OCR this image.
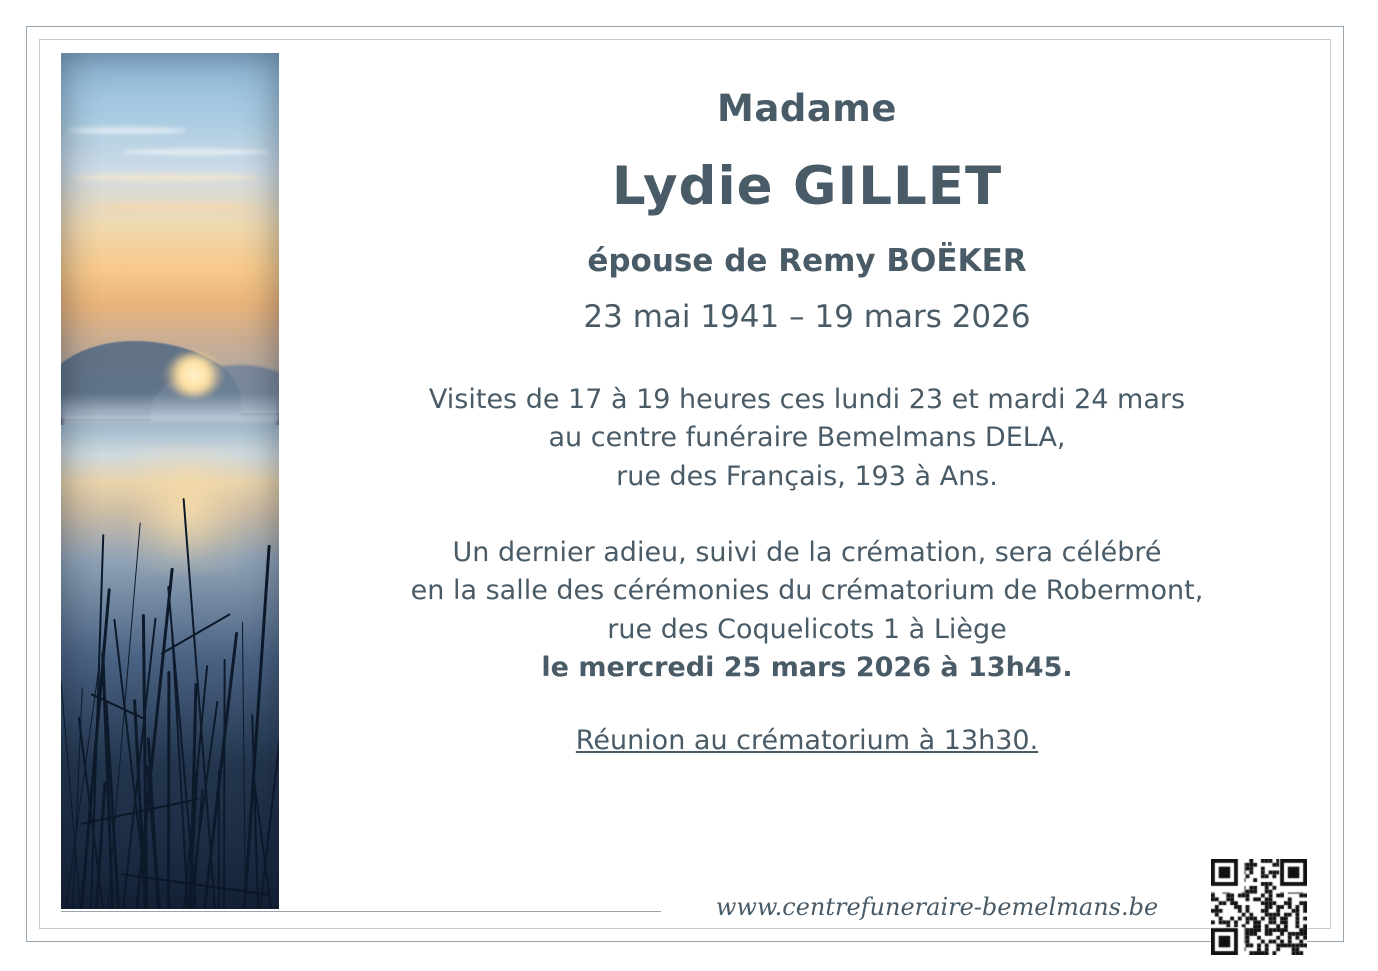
Madame
Lydie GILLET
épouse de Remy BOËKER
23 mai 1941 – 19 mars 2026
Visites de 17 à 19 heures ces lundi 23 et mardi 24 mars
au centre funéraire Bemelmans DELA,
rue des Français, 193 à Ans.
Un dernier adieu, suivi de la crémation, sera célébré
en la salle des cérémonies du crématorium de Robermont,
rue des Coquelicots 1 à Liège
le mercredi 25 mars 2026 à 13h45.
Réunion au crématorium à 13h30.
www.centrefuneraire-bemelmans.be
